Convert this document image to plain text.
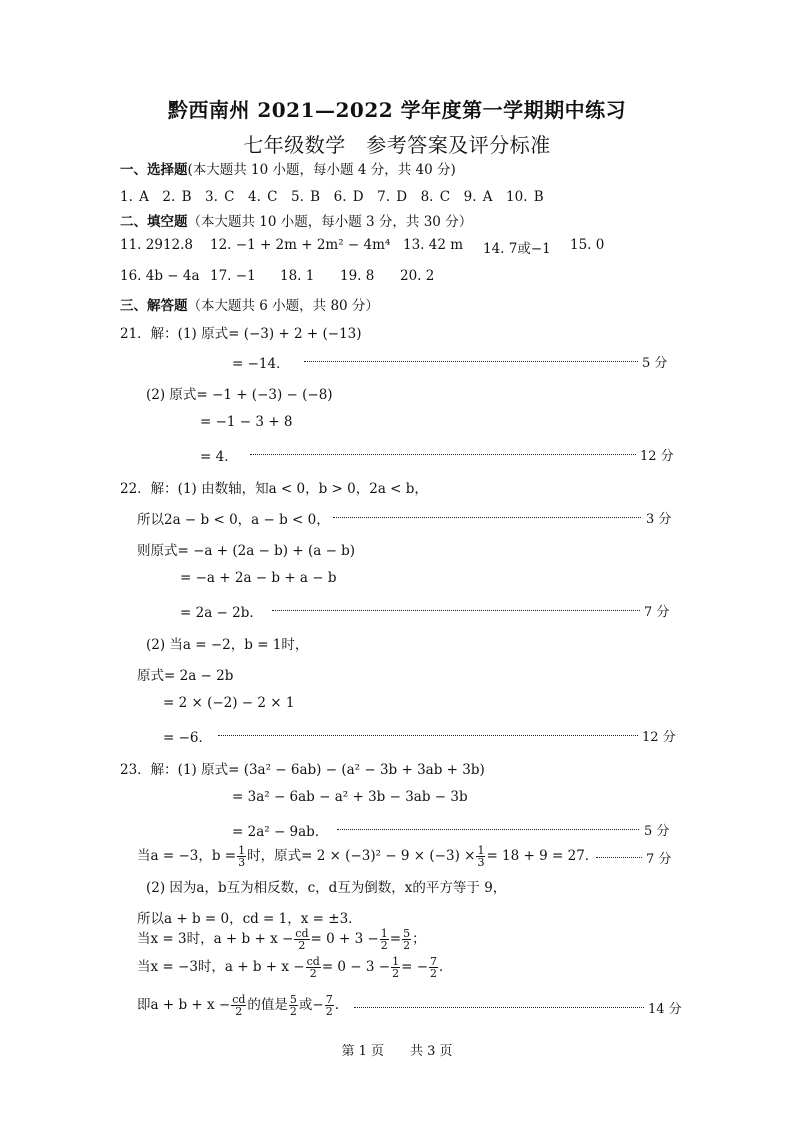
黔西南州 2021—2022 学年度第一学期期中练习
七年级数学　参考答案及评分标准
一、选择题(本大题共 10 小题，每小题 4 分，共 40 分)
1. A　2. B　3. C　4. C　5. B　6. D　7. D　8. C　9. A　10. B
二、填空题（本大题共 10 小题，每小题 3 分，共 30 分）
11. 2912.8 12. −1 + 2m + 2m² − 4m⁴ 13. 42 m 14. 7或−1 15. 0
16. 4b − 4a 17. −1 18. 1 19. 8 20. 2
三、解答题（本大题共 6 小题，共 80 分）
21．解：(1) 原式= (−3) + 2 + (−13)
= −14．	5 分
(2) 原式= −1 + (−3) − (−8)
= −1 − 3 + 8
= 4．	12 分
22．解：(1) 由数轴，知a < 0，b > 0，2a < b，
所以2a − b < 0，a − b < 0，	3 分
则原式= −a + (2a − b) + (a − b)
= −a + 2a − b + a − b
= 2a − 2b．	7 分
(2) 当a = −2，b = 1时，
原式= 2a − 2b
= 2 × (−2) − 2 × 1
= −6．	12 分
23．解：(1) 原式= (3a² − 6ab) − (a² − 3b + 3ab + 3b)
= 3a² − 6ab − a² + 3b − 3ab − 3b
= 2a² − 9ab．	5 分
当a = −3，$b = \frac{1}{3}$ 时，原式= $2 \times (-3)^2 - 9 \times (-3) \times \frac{1}{3} = 18 + 9 = 27$．	7 分
(2) 因为a，b互为相反数，c，d互为倒数，x的平方等于 9，
所以a + b = 0，cd = 1，x = ±3．
当x = 3时，$a + b + x - \frac{cd}{2} = 0 + 3 - \frac{1}{2} = \frac{5}{2}$ ；
当x = −3时，$a + b + x - \frac{cd}{2} = 0 - 3 - \frac{1}{2}$ = − $\frac{7}{2}$ ．
即$a + b + x - \frac{cd}{2}$ 的值是 $\frac{5}{2}$ 或− $\frac{7}{2}$ ．	14 分
第 1 页　　共 3 页
